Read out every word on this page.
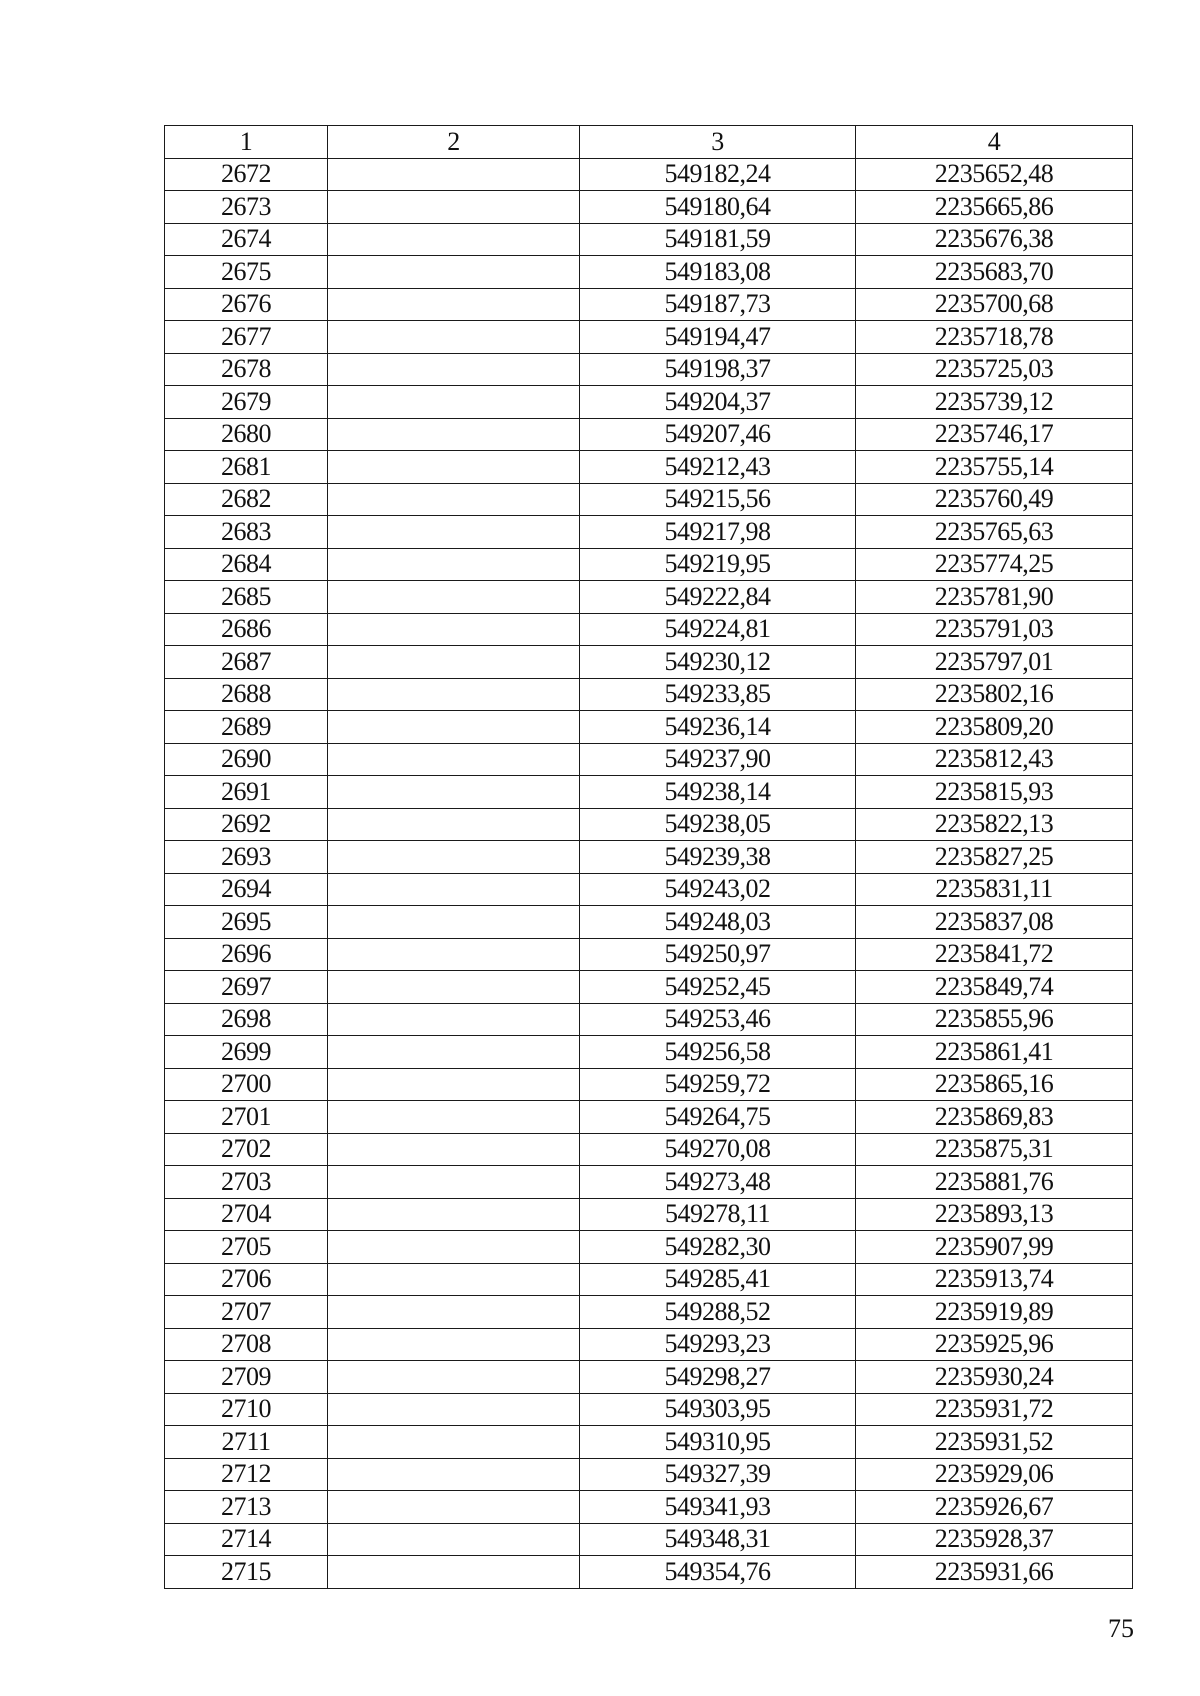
1	2	3	4
2672		549182,24	2235652,48
2673		549180,64	2235665,86
2674		549181,59	2235676,38
2675		549183,08	2235683,70
2676		549187,73	2235700,68
2677		549194,47	2235718,78
2678		549198,37	2235725,03
2679		549204,37	2235739,12
2680		549207,46	2235746,17
2681		549212,43	2235755,14
2682		549215,56	2235760,49
2683		549217,98	2235765,63
2684		549219,95	2235774,25
2685		549222,84	2235781,90
2686		549224,81	2235791,03
2687		549230,12	2235797,01
2688		549233,85	2235802,16
2689		549236,14	2235809,20
2690		549237,90	2235812,43
2691		549238,14	2235815,93
2692		549238,05	2235822,13
2693		549239,38	2235827,25
2694		549243,02	2235831,11
2695		549248,03	2235837,08
2696		549250,97	2235841,72
2697		549252,45	2235849,74
2698		549253,46	2235855,96
2699		549256,58	2235861,41
2700		549259,72	2235865,16
2701		549264,75	2235869,83
2702		549270,08	2235875,31
2703		549273,48	2235881,76
2704		549278,11	2235893,13
2705		549282,30	2235907,99
2706		549285,41	2235913,74
2707		549288,52	2235919,89
2708		549293,23	2235925,96
2709		549298,27	2235930,24
2710		549303,95	2235931,72
2711		549310,95	2235931,52
2712		549327,39	2235929,06
2713		549341,93	2235926,67
2714		549348,31	2235928,37
2715		549354,76	2235931,66
75
